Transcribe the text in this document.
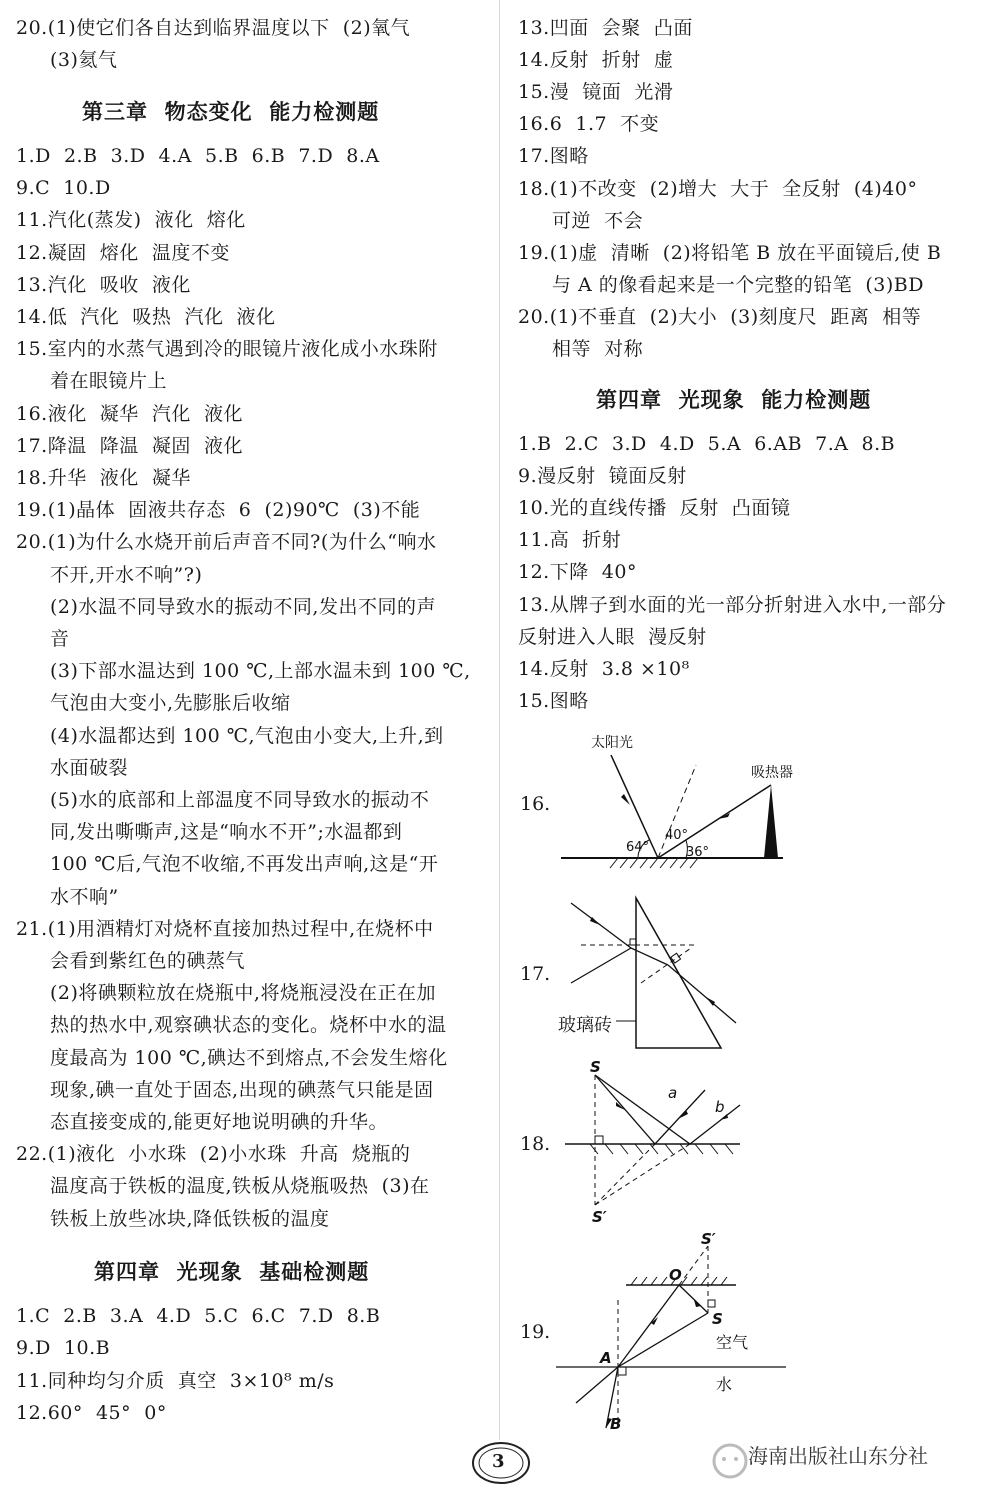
20.(1)使它们各自达到临界温度以下  (2)氧气
(3)氦气
第三章  物态变化  能力检测题
1.D  2.B  3.D  4.A  5.B  6.B  7.D  8.A
9.C  10.D
11.汽化(蒸发)  液化  熔化
12.凝固  熔化  温度不变
13.汽化  吸收  液化
14.低  汽化  吸热  汽化  液化
15.室内的水蒸气遇到冷的眼镜片液化成小水珠附
着在眼镜片上
16.液化  凝华  汽化  液化
17.降温  降温  凝固  液化
18.升华  液化  凝华
19.(1)晶体  固液共存态  6  (2)90℃  (3)不能
20.(1)为什么水烧开前后声音不同?(为什么“响水
不开,开水不响”?)
(2)水温不同导致水的振动不同,发出不同的声
音
(3)下部水温达到 100 ℃,上部水温未到 100 ℃,
气泡由大变小,先膨胀后收缩
(4)水温都达到 100 ℃,气泡由小变大,上升,到
水面破裂
(5)水的底部和上部温度不同导致水的振动不
同,发出嘶嘶声,这是“响水不开”;水温都到
100 ℃后,气泡不收缩,不再发出声响,这是“开
水不响”
21.(1)用酒精灯对烧杯直接加热过程中,在烧杯中
会看到紫红色的碘蒸气
(2)将碘颗粒放在烧瓶中,将烧瓶浸没在正在加
热的热水中,观察碘状态的变化。烧杯中水的温
度最高为 100 ℃,碘达不到熔点,不会发生熔化
现象,碘一直处于固态,出现的碘蒸气只能是固
态直接变成的,能更好地说明碘的升华。
22.(1)液化  小水珠  (2)小水珠  升高  烧瓶的
温度高于铁板的温度,铁板从烧瓶吸热  (3)在
铁板上放些冰块,降低铁板的温度
第四章  光现象  基础检测题
1.C  2.B  3.A  4.D  5.C  6.C  7.D  8.B
9.D  10.B
11.同种均匀介质  真空  3×10⁸ m/s
12.60°  45°  0°
13.凹面  会聚  凸面
14.反射  折射  虚
15.漫  镜面  光滑
16.6  1.7  不变
17.图略
18.(1)不改变  (2)增大  大于  全反射  (4)40°
可逆  不会
19.(1)虚  清晰  (2)将铅笔 B 放在平面镜后,使 B
与 A 的像看起来是一个完整的铅笔  (3)BD
20.(1)不垂直  (2)大小  (3)刻度尺  距离  相等
相等  对称
第四章  光现象  能力检测题
1.B  2.C  3.D  4.D  5.A  6.AB  7.A  8.B
9.漫反射  镜面反射
10.光的直线传播  反射  凸面镜
11.高  折射
12.下降  40°
13.从牌子到水面的光一部分折射进入水中,一部分
反射进入人眼  漫反射
14.反射  3.8 ×10⁸
15.图略
16.
太阳光
吸热器
64°
40°
36°
17.
玻璃砖
18.
S
S′
a
b
19.
S′
O
S
空气
A
水
B
3	海南出版社山东分社
